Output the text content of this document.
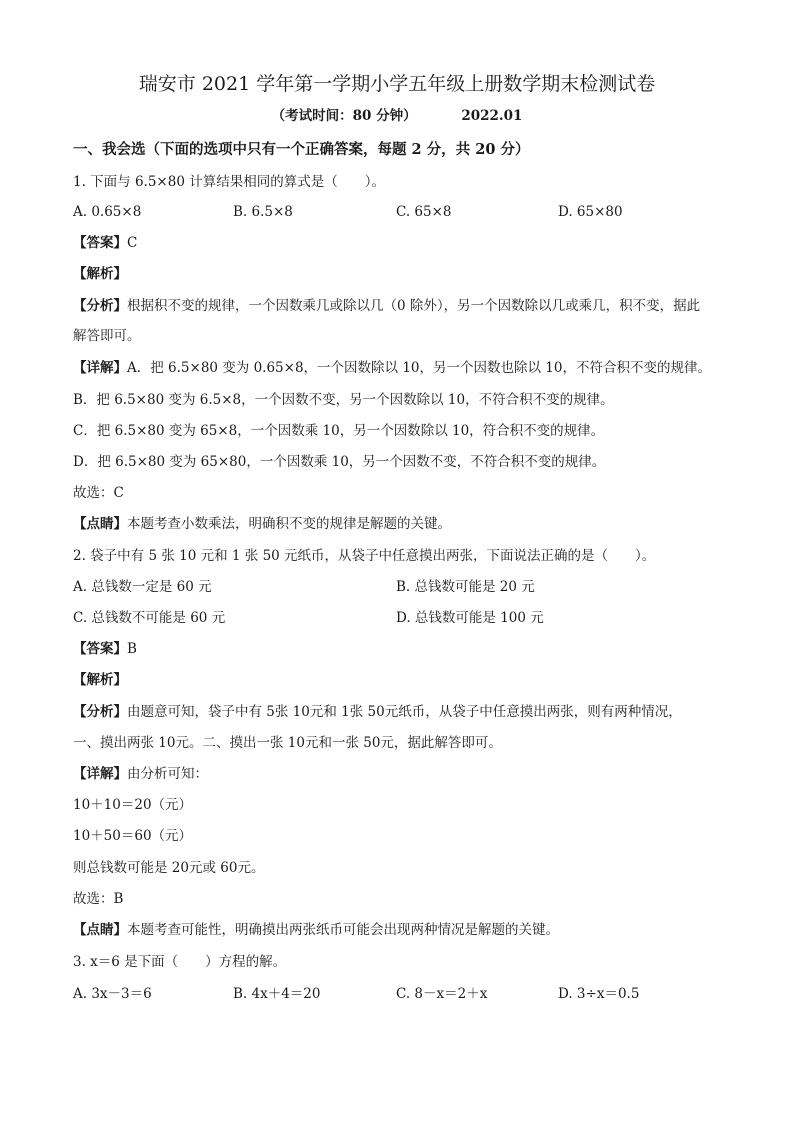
瑞安市 2021 学年第一学期小学五年级上册数学期末检测试卷
（考试时间：80 分钟）	2022.01
一、我会选（下面的选项中只有一个正确答案，每题 2 分，共 20 分）
1. 下面与 6.5×80 计算结果相同的算式是（　　）。
A. 0.65×8	B. 6.5×8	C. 65×8	D. 65×80
【答案】C
【解析】
【分析】根据积不变的规律，一个因数乘几或除以几（0 除外），另一个因数除以几或乘几，积不变，据此
解答即可。
【详解】A．把 6.5×80 变为 0.65×8，一个因数除以 10，另一个因数也除以 10，不符合积不变的规律。
B．把 6.5×80 变为 6.5×8，一个因数不变，另一个因数除以 10，不符合积不变的规律。
C．把 6.5×80 变为 65×8，一个因数乘 10，另一个因数除以 10，符合积不变的规律。
D．把 6.5×80 变为 65×80，一个因数乘 10，另一个因数不变，不符合积不变的规律。
故选：C
【点睛】本题考查小数乘法，明确积不变的规律是解题的关键。
2. 袋子中有 5 张 10 元和 1 张 50 元纸币，从袋子中任意摸出两张，下面说法正确的是（　　）。
A. 总钱数一定是 60 元	B. 总钱数可能是 20 元
C. 总钱数不可能是 60 元	D. 总钱数可能是 100 元
【答案】B
【解析】
【分析】由题意可知，袋子中有 5张 10元和 1张 50元纸币，从袋子中任意摸出两张，则有两种情况，
一、摸出两张 10元。二、摸出一张 10元和一张 50元，据此解答即可。
【详解】由分析可知：
10＋10＝20（元）
10＋50＝60（元）
则总钱数可能是 20元或 60元。
故选：B
【点睛】本题考查可能性，明确摸出两张纸币可能会出现两种情况是解题的关键。
3. x＝6 是下面（　　）方程的解。
A. 3x－3＝6	B. 4x＋4＝20	C. 8－x＝2＋x	D. 3÷x＝0.5
